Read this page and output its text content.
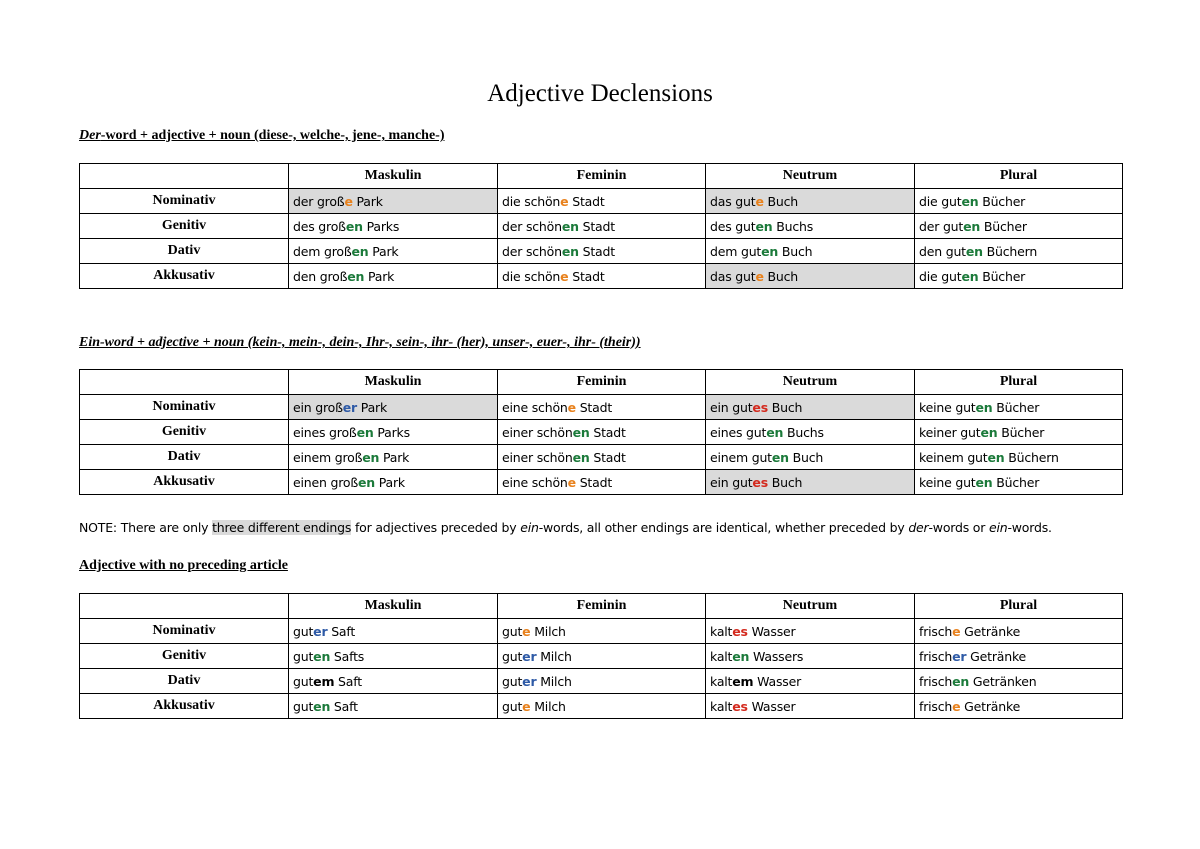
Adjective Declensions
Der-word + adjective + noun (diese-, welche-, jene-, manche-)
	Maskulin	Feminin	Neutrum	Plural
Nominativ	der große Park	die schöne Stadt	das gute Buch	die guten Bücher
Genitiv	des großen Parks	der schönen Stadt	des guten Buchs	der guten Bücher
Dativ	dem großen Park	der schönen Stadt	dem guten Buch	den guten Büchern
Akkusativ	den großen Park	die schöne Stadt	das gute Buch	die guten Bücher
Ein-word + adjective + noun (kein-, mein-, dein-, Ihr-, sein-, ihr- (her), unser-, euer-, ihr- (their))
	Maskulin	Feminin	Neutrum	Plural
Nominativ	ein großer Park	eine schöne Stadt	ein gutes Buch	keine guten Bücher
Genitiv	eines großen Parks	einer schönen Stadt	eines guten Buchs	keiner guten Bücher
Dativ	einem großen Park	einer schönen Stadt	einem guten Buch	keinem guten Büchern
Akkusativ	einen großen Park	eine schöne Stadt	ein gutes Buch	keine guten Bücher
NOTE: There are only three different endings for adjectives preceded by ein-words, all other endings are identical, whether preceded by der-words or ein-words.
Adjective with no preceding article
	Maskulin	Feminin	Neutrum	Plural
Nominativ	guter Saft	gute Milch	kaltes Wasser	frische Getränke
Genitiv	guten Safts	guter Milch	kalten Wassers	frischer Getränke
Dativ	gutem Saft	guter Milch	kaltem Wasser	frischen Getränken
Akkusativ	guten Saft	gute Milch	kaltes Wasser	frische Getränke
